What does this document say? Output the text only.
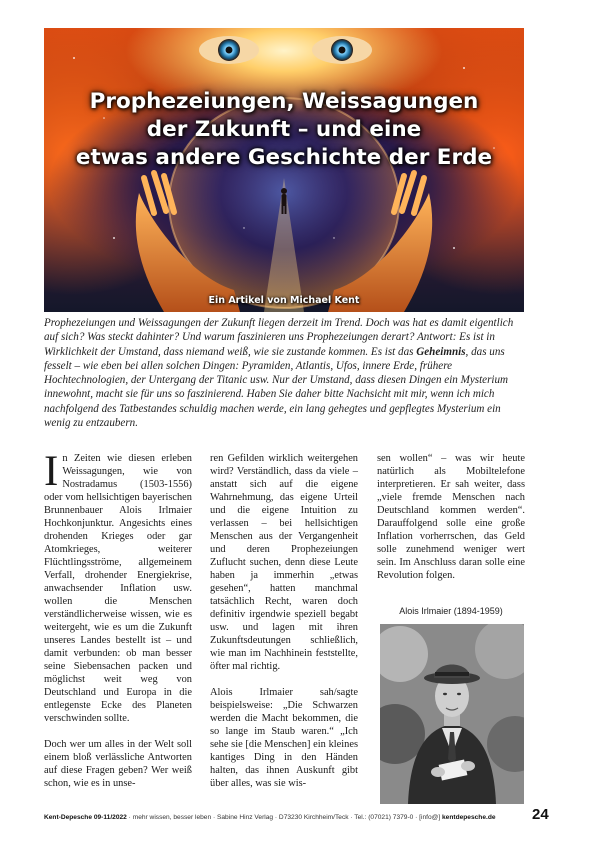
Prophezeiungen, Weissagungen
der Zukunft – und eine
etwas andere Geschichte der Erde
Ein Artikel von Michael Kent
Prophezeiungen und Weissagungen der Zukunft liegen derzeit im Trend. Doch was hat es damit eigentlich auf sich? Was steckt dahinter? Und warum faszinieren uns Prophezeiungen derart? Antwort: Es ist in Wirklichkeit der Umstand, dass niemand weiß, wie sie zustande kommen. Es ist das Geheimnis, das uns fesselt – wie eben bei allen solchen Dingen: Pyramiden, Atlantis, Ufos, innere Erde, frühere Hochtechnologien, der Untergang der Titanic usw. Nur der Umstand, dass diesen Dingen ein Mysterium innewohnt, macht sie für uns so faszinierend. Haben Sie daher bitte Nachsicht mit mir, wenn ich mich nachfolgend des Tatbestandes schuldig machen werde, ein lang gehegtes und gepflegtes Mysterium ein wenig zu entzaubern.

In Zeiten wie diesen erleben Weissagungen, wie von Nostradamus (1503-1556) oder vom hellsichtigen bayerischen Brunnenbauer Alois Irlmaier Hochkonjunktur. Angesichts eines drohenden Krieges oder gar Atomkrieges, weiterer Flüchtlingsströme, allgemeinem Verfall, drohender Energiekrise, anwachsender Inflation usw. wollen die Menschen verständlicherweise wissen, wie es weitergeht, wie es um die Zukunft unseres Landes bestellt ist – und damit verbunden: ob man besser seine Siebensachen packen und möglichst weit weg von Deutschland und Europa in die entlegenste Ecke des Planeten verschwinden sollte.

Doch wer um alles in der Welt soll einem bloß verlässliche Antworten auf diese Fragen geben? Wer weiß schon, wie es in unse-

ren Gefilden wirklich weitergehen wird? Verständlich, dass da viele – anstatt sich auf die eigene Wahrnehmung, das eigene Urteil und die eigene Intuition zu verlassen – bei hellsichtigen Menschen aus der Vergangenheit und deren Prophezeiungen Zuflucht suchen, denn diese Leute haben ja immerhin „etwas gesehen“, hatten manchmal tatsächlich Recht, waren doch definitiv irgendwie speziell begabt usw. und lagen mit ihren Zukunftsdeutungen schließlich, wie man im Nachhinein feststellte, öfter mal richtig.

Alois Irlmaier sah/sagte beispielsweise: „Die Schwarzen werden die Macht bekommen, die so lange im Staub waren.“ „Ich sehe sie [die Menschen] ein kleines kantiges Ding in den Händen halten, das ihnen Auskunft gibt über alles, was sie wis-

sen wollen“ – was wir heute natürlich als Mobiltelefone interpretieren. Er sah weiter, dass „viele fremde Menschen nach Deutschland kommen werden“. Darauffolgend solle eine große Inflation vorherrschen, das Geld solle zunehmend weniger wert sein. Im Anschluss daran solle eine Revolution folgen.

Alois Irlmaier (1894-1959)
Kent-Depesche 09-11/2022 · mehr wissen, besser leben · Sabine Hinz Verlag · D73230 Kirchheim/Teck · Tel.: (07021) 7379-0 · [info@] kentdepesche.de	24
